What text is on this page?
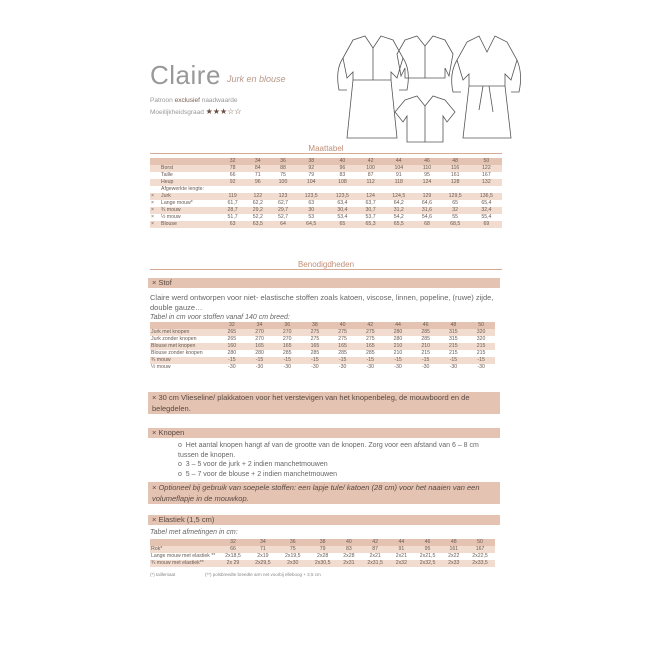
Claire Jurk en blouse
Patroon exclusief naadwaarde
Moeilijkheidsgraad ★★★☆☆
Maattabel
		32	34	36	38	40	42	44	46	48	50
	Borst	78	84	88	92	96	100	104	110	116	122
	Taille	66	71	75	79	83	87	91	95	161	167
	Heup	92	96	100	104	108	112	118	124	128	132
	Afgewerkte lengte:										
×	Jurk	119	122	123	123,5	123,5	124	124,5	129	129,5	136,5
×	Lange mouw*	61,7	62,2	62,7	63	63,4	63,7	64,2	64,6	65	65,4
×	¾ mouw	28,7	29,2	29,7	30	30,4	30,7	31,2	31,6	32	32,4
×	½ mouw	51,7	52,2	52,7	53	53,4	53,7	54,2	54,6	55	55,4
×	Blouse	63	63,5	64	64,5	65	65,3	65,5	68	68,5	69
Benodigdheden
× Stof
Claire werd ontworpen voor niet- elastische stoffen zoals katoen, viscose, linnen, popeline, (ruwe) zijde, double gauze…
Tabel in cm voor stoffen vanaf 140 cm breed:
	32	34	36	38	40	42	44	46	48	50
Jurk met knopen	265	270	270	275	275	275	280	285	315	320
Jurk zonder knopen	265	270	270	275	275	275	280	285	315	320
Blouse met knopen	160	165	165	165	165	165	210	210	215	215
Blouse zonder knopen	280	280	285	285	285	285	210	215	215	215
¾ mouw	-15	-15	-15	-15	-15	-15	-15	-15	-15	-15
½ mouw	-30	-30	-30	-30	-30	-30	-30	-30	-30	-30
× 30 cm Vlieseline/ plakkatoen voor het verstevigen van het knopenbeleg, de mouwboord en de belegdelen.
× Knopen
o  Het aantal knopen hangt af van de grootte van de knopen. Zorg voor een afstand van 6 – 8 cm tussen de knopen.
o  3 – 5 voor de jurk + 2 indien manchetmouwen
o  5 – 7 voor de blouse + 2 indien manchetmouwen
× Optioneel bij gebruik van soepele stoffen: een lapje tule/ katoen (28 cm) voor het naaien van een volumeflapje in de mouwkop.
× Elastiek (1,5 cm)
Tabel met afmetingen in cm:
	32	34	36	38	40	42	44	46	48	50
Rok*	66	71	75	79	83	87	91	95	161	167
Lange mouw met elastiek **	2x18,5	2x19	2x19,5	2x28	2x28	2x21	2x21	2x21,5	2x22	2x22,5
¾ mouw met elastiek**	2x 29	2x29,5	2x30	2x30,5	2x31	2x31,5	2x32	2x32,5	2x33	2x33,5
(*) taillemaat	(**) polsbreedte breedte arm net voorbij elleboog + 3,5 cm
